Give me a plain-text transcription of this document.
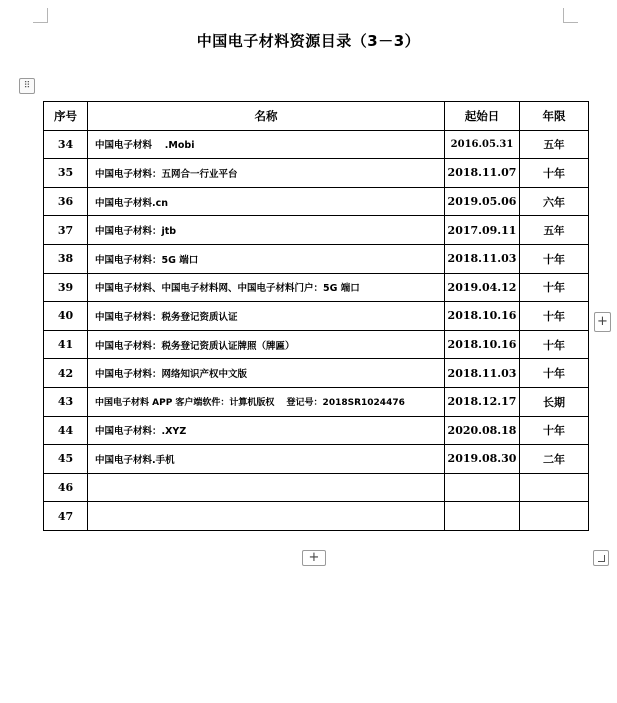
中国电子材料资源目录（3－3）
⠿
序号	名称	起始日	年限
34	中国电子材料 　.Mobi	2016.05.31	五年
35	中国电子材料：五网合一行业平台	2018.11.07	十年
36	中国电子材料.cn	2019.05.06	六年
37	中国电子材料：jtb	2017.09.11	五年
38	中国电子材料：5G 端口	2018.11.03	十年
39	中国电子材料、中国电子材料网、中国电子材料门户：5G 端口	2019.04.12	十年
40	中国电子材料：税务登记资质认证	2018.10.16	十年
41	中国电子材料：税务登记资质认证牌照（牌匾）	2018.10.16	十年
42	中国电子材料：网络知识产权中文版	2018.11.03	十年
43	中国电子材料 APP 客户端软件：计算机版权 　登记号：2018SR1024476	2018.12.17	长期
44	中国电子材料：.XYZ	2020.08.18	十年
45	中国电子材料.手机	2019.08.30	二年
46			
47			
+
+
